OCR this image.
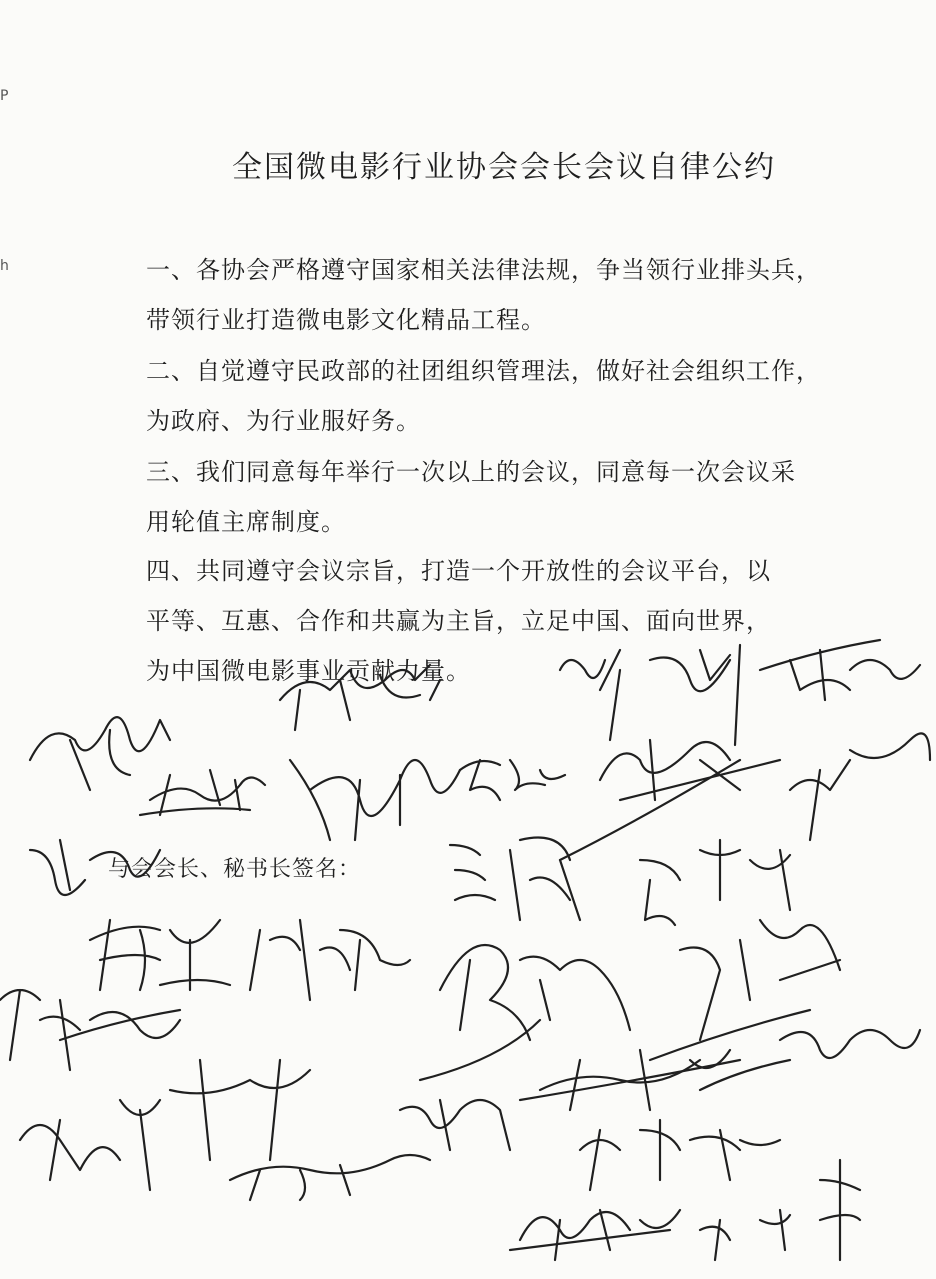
P
h
全国微电影行业协会会长会议自律公约
一、各协会严格遵守国家相关法律法规，争当领行业排头兵，
带领行业打造微电影文化精品工程。
二、自觉遵守民政部的社团组织管理法，做好社会组织工作，
为政府、为行业服好务。
三、我们同意每年举行一次以上的会议，同意每一次会议采
用轮值主席制度。
四、共同遵守会议宗旨，打造一个开放性的会议平台，以
平等、互惠、合作和共赢为主旨，立足中国、面向世界，
为中国微电影事业贡献力量。
与会会长、秘书长签名：
